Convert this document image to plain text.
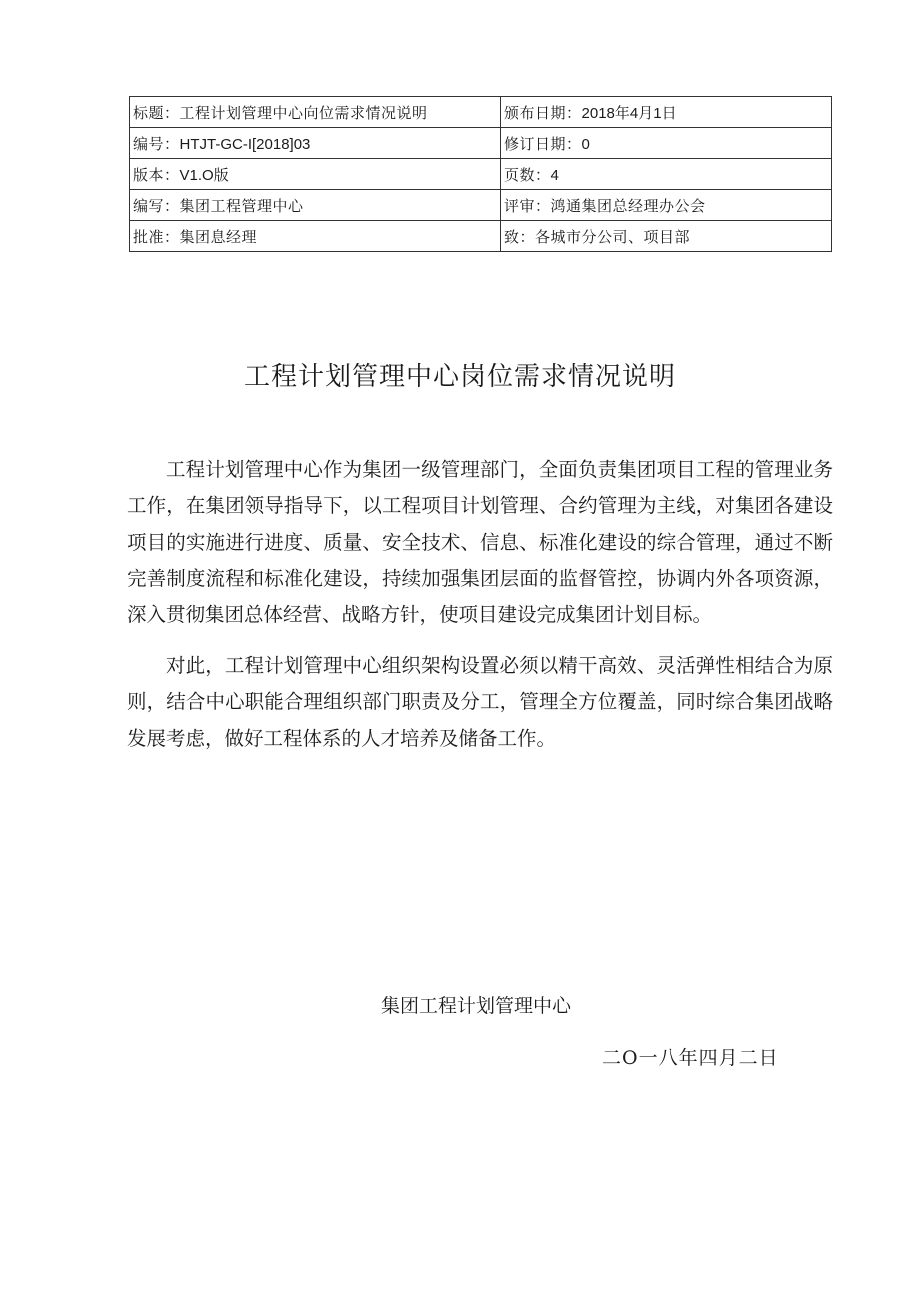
标题：工程计划管理中心向位需求情况说明	颁布日期：2018年4月1日
编号：HTJT-GC-I[2018]03	修订日期：0
版本：V1.O版	页数：4
编写：集团工程管理中心	评审：鸿通集团总经理办公会
批准：集团息经理	致：各城市分公司、项目部
工程计划管理中心岗位需求情况说明

工程计划管理中心作为集团一级管理部门，全面负责集团项目工程的管理业务工作，在集团领导指导下，以工程项目计划管理、合约管理为主线，对集团各建设项目的实施进行进度、质量、安全技术、信息、标准化建设的综合管理，通过不断完善制度流程和标准化建设，持续加强集团层面的监督管控，协调内外各项资源，深入贯彻集团总体经营、战略方针，使项目建设完成集团计划目标。

对此，工程计划管理中心组织架构设置必须以精干高效、灵活弹性相结合为原则，结合中心职能合理组织部门职责及分工，管理全方位覆盖，同时综合集团战略发展考虑，做好工程体系的人才培养及储备工作。

集团工程计划管理中心
二O一八年四月二日
